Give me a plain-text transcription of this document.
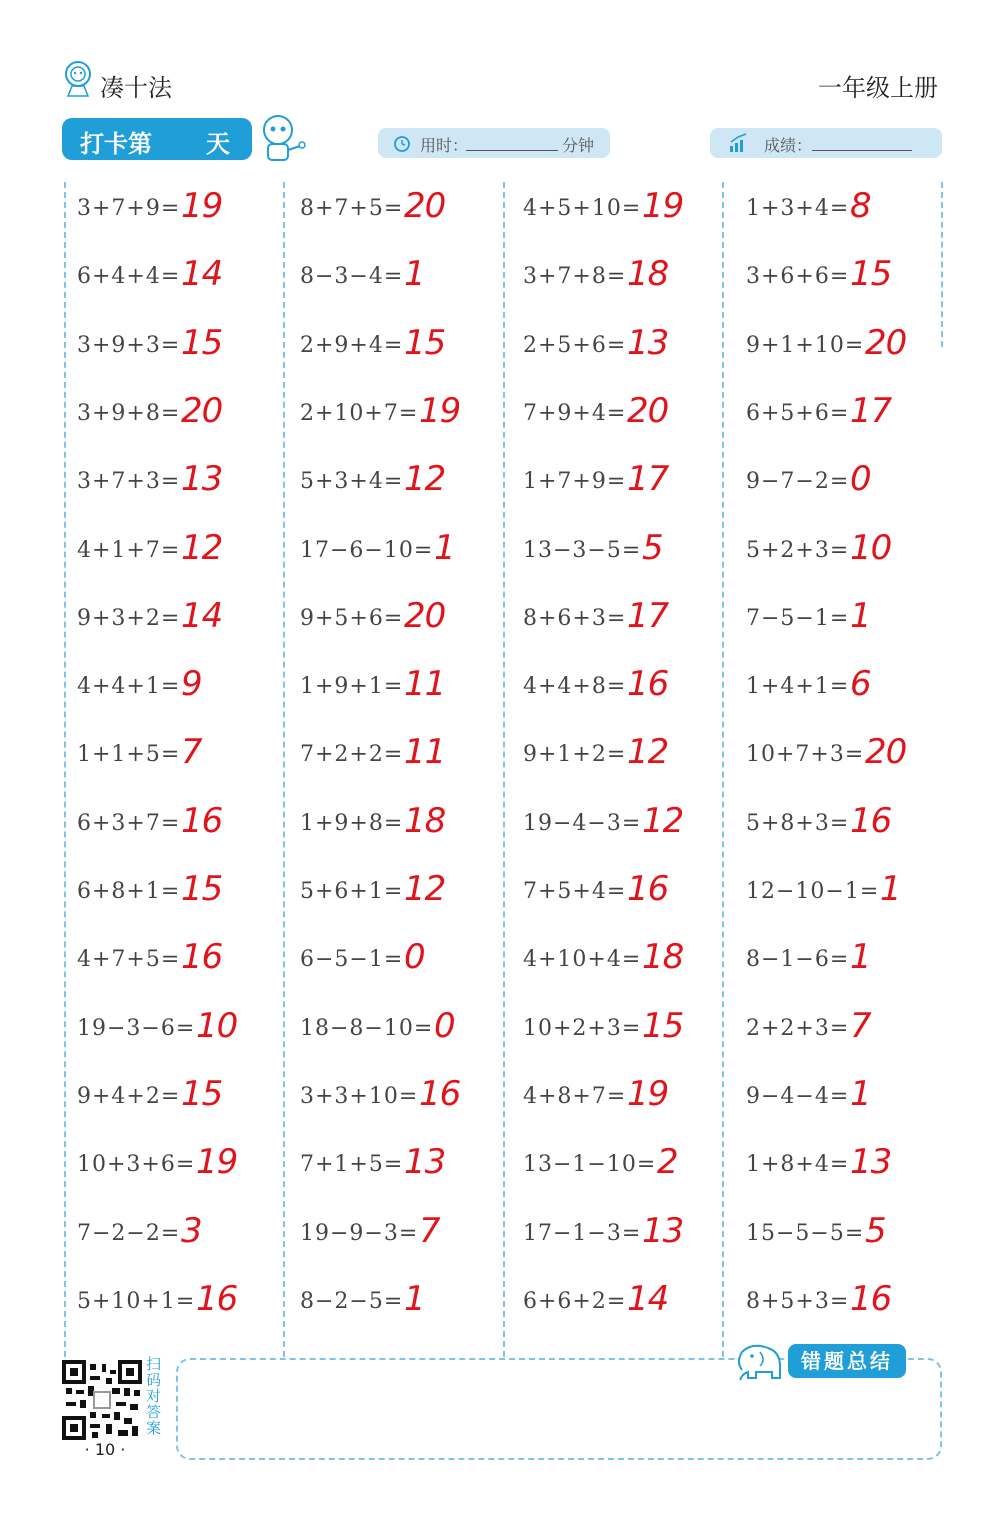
凑十法	一年级上册
打卡第 天	用时：	分钟	成绩：
3+7+9= 19
6+4+4= 14
3+9+3= 15
3+9+8= 20
3+7+3= 13
4+1+7= 12
9+3+2= 14
4+4+1= 9
1+1+5= 7
6+3+7= 16
6+8+1= 15
4+7+5= 16
19−3−6= 10
9+4+2= 15
10+3+6= 19
7−2−2= 3
5+10+1= 16
8+7+5= 20
8−3−4= 1
2+9+4= 15
2+10+7= 19
5+3+4= 12
17−6−10= 1
9+5+6= 20
1+9+1= 11
7+2+2= 11
1+9+8= 18
5+6+1= 12
6−5−1= 0
18−8−10= 0
3+3+10= 16
7+1+5= 13
19−9−3= 7
8−2−5= 1
4+5+10= 19
3+7+8= 18
2+5+6= 13
7+9+4= 20
1+7+9= 17
13−3−5= 5
8+6+3= 17
4+4+8= 16
9+1+2= 12
19−4−3= 12
7+5+4= 16
4+10+4= 18
10+2+3= 15
4+8+7= 19
13−1−10= 2
17−1−3= 13
6+6+2= 14
1+3+4= 8
3+6+6= 15
9+1+10= 20
6+5+6= 17
9−7−2= 0
5+2+3= 10
7−5−1= 1
1+4+1= 6
10+7+3= 20
5+8+3= 16
12−10−1= 1
8−1−6= 1
2+2+3= 7
9−4−4= 1
1+8+4= 13
15−5−5= 5
8+5+3= 16
错题总结
扫码对答案
· 10 ·
